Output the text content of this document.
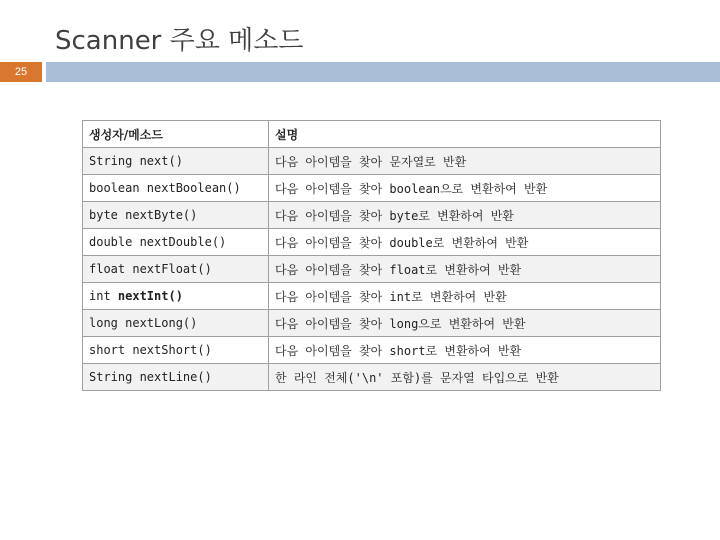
Scanner 주요 메소드
25
생성자/메소드	설명
String next()	다음 아이템을 찾아 문자열로 반환
boolean nextBoolean()	다음 아이템을 찾아 boolean으로 변환하여 반환
byte nextByte()	다음 아이템을 찾아 byte로 변환하여 반환
double nextDouble()	다음 아이템을 찾아 double로 변환하여 반환
float nextFloat()	다음 아이템을 찾아 float로 변환하여 반환
int nextInt()	다음 아이템을 찾아 int로 변환하여 반환
long nextLong()	다음 아이템을 찾아 long으로 변환하여 반환
short nextShort()	다음 아이템을 찾아 short로 변환하여 반환
String nextLine()	한 라인 전체('\n' 포함)를 문자열 타입으로 반환
